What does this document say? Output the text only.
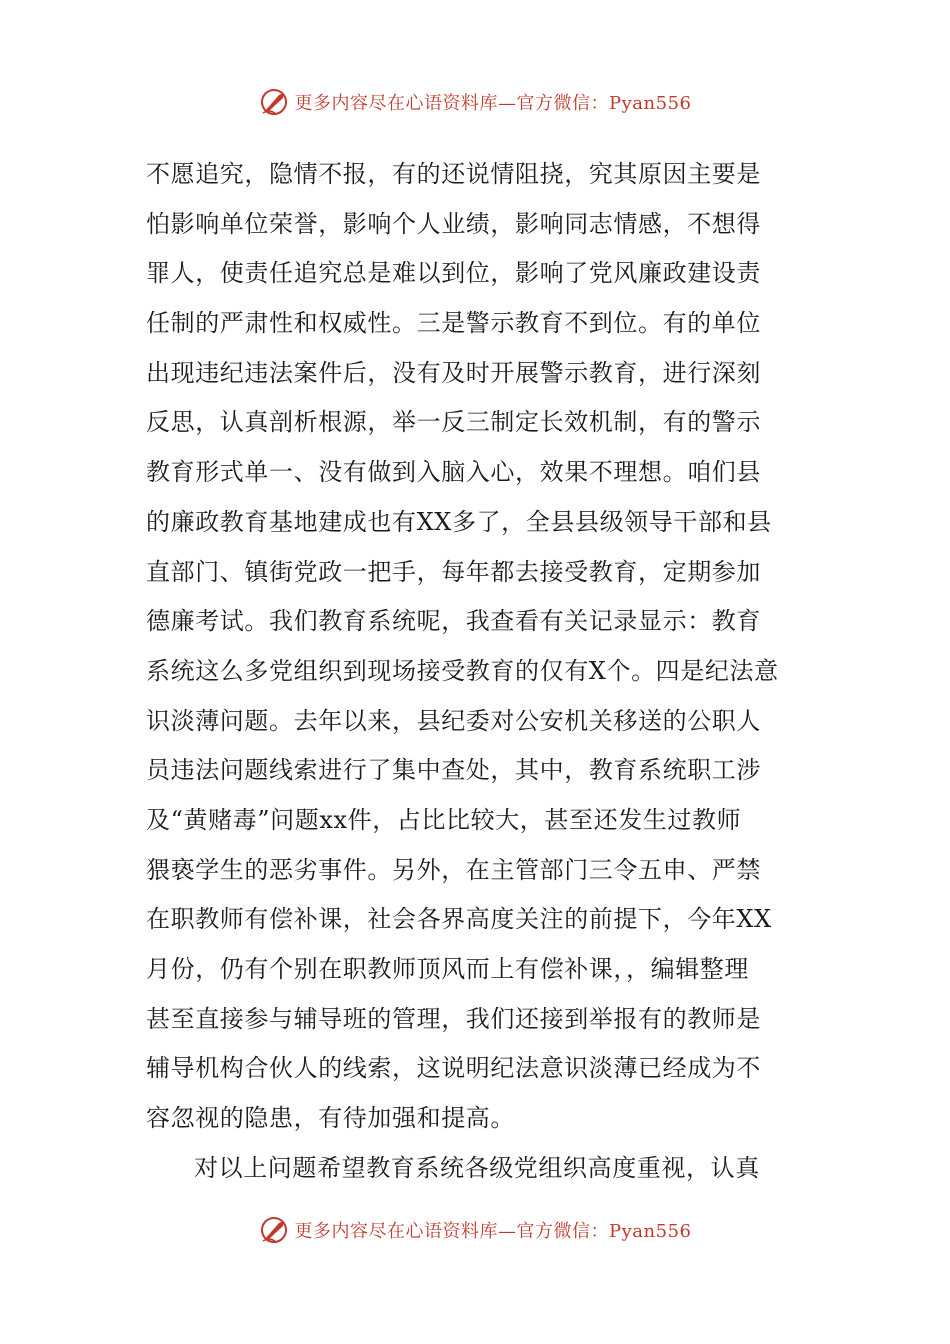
更多内容尽在心语资料库—官方微信：Pyan556
不愿追究，隐情不报，有的还说情阻挠，究其原因主要是
怕影响单位荣誉，影响个人业绩，影响同志情感，不想得
罪人，使责任追究总是难以到位，影响了党风廉政建设责
任制的严肃性和权威性。三是警示教育不到位。有的单位
出现违纪违法案件后，没有及时开展警示教育，进行深刻
反思，认真剖析根源，举一反三制定长效机制，有的警示
教育形式单一、没有做到入脑入心，效果不理想。咱们县
的廉政教育基地建成也有XX多了，全县县级领导干部和县
直部门、镇街党政一把手，每年都去接受教育，定期参加
德廉考试。我们教育系统呢，我查看有关记录显示：教育
系统这么多党组织到现场接受教育的仅有X个。四是纪法意
识淡薄问题。去年以来，县纪委对公安机关移送的公职人
员违法问题线索进行了集中查处，其中，教育系统职工涉
及“黄赌毒”问题xx件，占比比较大，甚至还发生过教师
猥亵学生的恶劣事件。另外，在主管部门三令五申、严禁
在职教师有偿补课，社会各界高度关注的前提下，今年XX
月份，仍有个别在职教师顶风而上有偿补课，，编辑整理
甚至直接参与辅导班的管理，我们还接到举报有的教师是
辅导机构合伙人的线索，这说明纪法意识淡薄已经成为不
容忽视的隐患，有待加强和提高。
对以上问题希望教育系统各级党组织高度重视，认真
更多内容尽在心语资料库—官方微信：Pyan556
